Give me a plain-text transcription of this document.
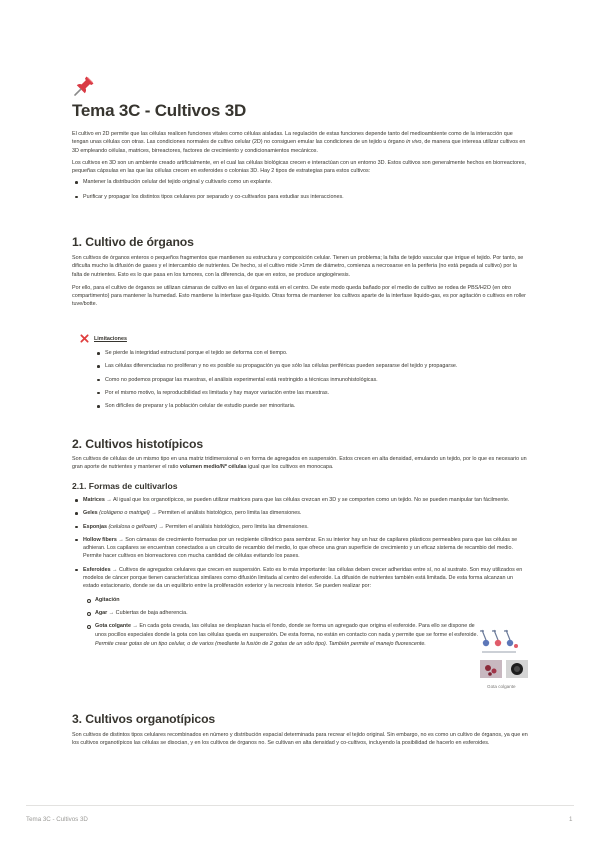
Tema 3C - Cultivos 3D

El cultivo en 2D permite que las células realicen funciones vitales como células aisladas. La regulación de estas funciones depende tanto del medioambiente como de la interacción que tengan unas células con otras. Las condiciones normales de cultivo celular (2D) no consiguen emular las condiciones de un tejido u órgano in vivo, de manera que interesa utilizar cultivos en 3D empleando células, matrices, birreactores, factores de crecimiento y condicionamientos mecánicos.

Los cultivos en 3D son un ambiente creado artificialmente, en el cual las células biológicas crecen e interactúan con un entorno 3D. Estos cultivos son generalmente hechos en biorreactores, pequeñas cápsulas en las que las células crecen en esferoides o colonias 3D. Hay 2 tipos de estrategias para estos cultivos:

Mantener la distribución celular del tejido original y cultivarlo como un explante.
Purificar y propagar los distintos tipos celulares por separado y co-cultivarlos para estudiar sus interacciones.
1. Cultivo de órganos

Son cultivos de órganos enteros o pequeños fragmentos que mantienen su estructura y composición celular. Tienen un problema; la falta de tejido vascular que irrigue el tejido. Por tanto, se dificulta mucho la difusión de gases y el intercambio de nutrientes. De hecho, si el cultivo mide >1mm de diámetro, comienza a necrosarse en la periferia (no está pegada al cultivo) por la falta de nutrientes. Esto es lo que pasa en los tumores, con la diferencia, de que en estos, se produce angiogénesis.

Por ello, para el cultivo de órganos se utilizan cámaras de cultivo en las el órgano está en el centro. De este modo queda bañado por el medio de cultivo se rodea de PBS/H2O (en otro compartimento) para mantener la humedad. Esto mantiene la interfase gas-líquido. Otras forma de mantener los cultivos aparte de la interfase líquido-gas, es por agitación o cultivos en roller tuve/botte.

Limitaciones
Se pierde la integridad estructural porque el tejido se deforma con el tiempo.
Las células diferenciadas no proliferan y no es posible su propagación ya que sólo las células periféricas pueden separarse del tejido y propagarse.
Como no podemos propagar las muestras, el análisis experimental está restringido a técnicas inmunohistológicas.
Por el mismo motivo, la reproducibilidad es limitada y hay mayor variación entre las muestras.
Son difíciles de preparar y la población celular de estudio puede ser minoritaria.
2. Cultivos histotípicos

Son cultivos de células de un mismo tipo en una matriz tridimensional o en forma de agregados en suspensión. Estos crecen en alta densidad, emulando un tejido, por lo que es necesario un gran aporte de nutrientes y mantener el ratio volumen medio/Nº células igual que los cultivos en monocapa.

2.1. Formas de cultivarlos
Matrices → Al igual que los organotípicos, se pueden utilizar matrices para que las células crezcan en 3D y se comporten como un tejido. No se pueden manipular tan fácilmente.
Geles (colágeno o matrigel) → Permiten el análisis histológico, pero limita las dimensiones.
Esponjas (celulosa o gelfoam) → Permiten el análisis histológico, pero limita las dimensiones.
Hollow fibers → Son cámaras de crecimiento formadas por un recipiente cilíndrico para sembrar. En su interior hay un haz de capilares plásticos permeables para que las células se adhieran. Los capilares se encuentran conectados a un circuito de recambio del medio, lo que ofrece una gran superficie de crecimiento y un eficaz sistema de recambio del medio. Permite hacer cultivos en biorreactores con mucha cantidad de células evitando los pases.
Esferoides → Cultivos de agregados celulares que crecen en suspensión. Esto es lo más importante: las células deben crecer adheridas entre sí, no al sustrato. Son muy utilizados en modelos de cáncer porque tienen características similares como difusión limitada al centro del esferoide. La difusión de nutrientes también está limitada. De esta forma alcanzan un estado estacionario, donde se da un equilibrio entre la proliferación exterior y la necrosis interior. Se pueden realizar por:
Agitación
Agar → Cubiertas de baja adherencia.
Gota colgante → En cada gota creada, las células se desplazan hacia el fondo, donde se forma un agregado que origina el esferoide. Para ello se dispone de unos pocillos especiales donde la gota con las células queda en suspensión. De esta forma, no están en contacto con nada y permite que se forme el esferoide.

Permite crear gotas de un tipo celular, o de varios (mediante la fusión de 2 gotas de un sólo tipo). También permite el manejo fluorescente.

Gota colgante
3. Cultivos organotípicos

Son cultivos de distintos tipos celulares recombinados en número y distribución espacial determinada para recrear el tejido original. Sin embargo, no es como un cultivo de órganos, ya que en los cultivos organotípicos las células se disocian, y en los cultivos de órganos no. Se cultivan en alta densidad y co-cultivos, incluyendo la posibilidad de hacerlo en esferoides.

Tema 3C - Cultivos 3D	1
